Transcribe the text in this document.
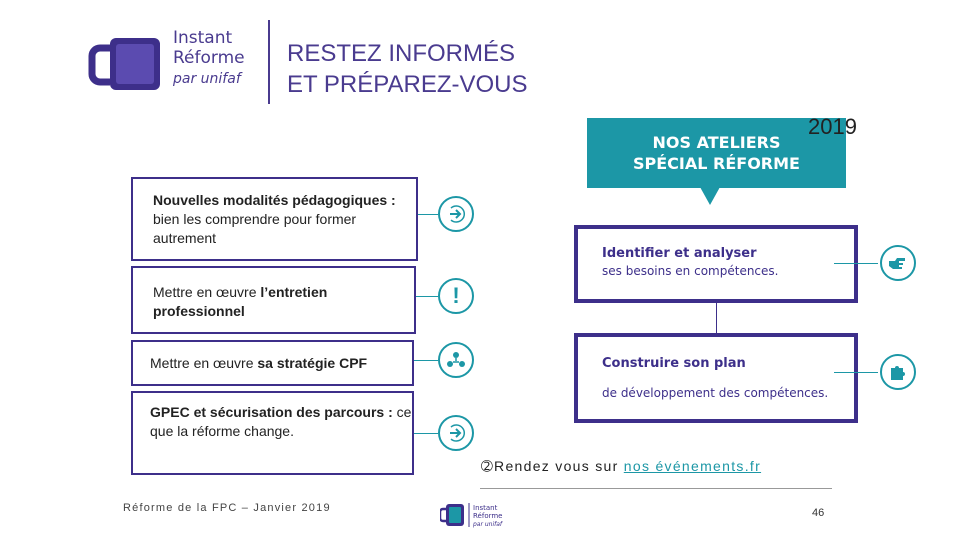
Instant
Réforme
par unifaf
RESTEZ INFORMÉS
ET PRÉPAREZ-VOUS
NOS ATELIERS
SPÉCIAL RÉFORME
2019
Nouvelles modalités pédagogiques : bien les comprendre pour former autrement
Mettre en œuvre l’entretien professionnel
Mettre en œuvre sa stratégie CPF
GPEC et sécurisation des parcours : ce que la réforme change.
!
Identifier et analyser
ses besoins en compétences.
Construire son plan
de développement des compétences.
➁Rendez vous sur nos événements.fr
Réforme de la FPC – Janvier 2019	Instant
Réforme
par unifaf
46
